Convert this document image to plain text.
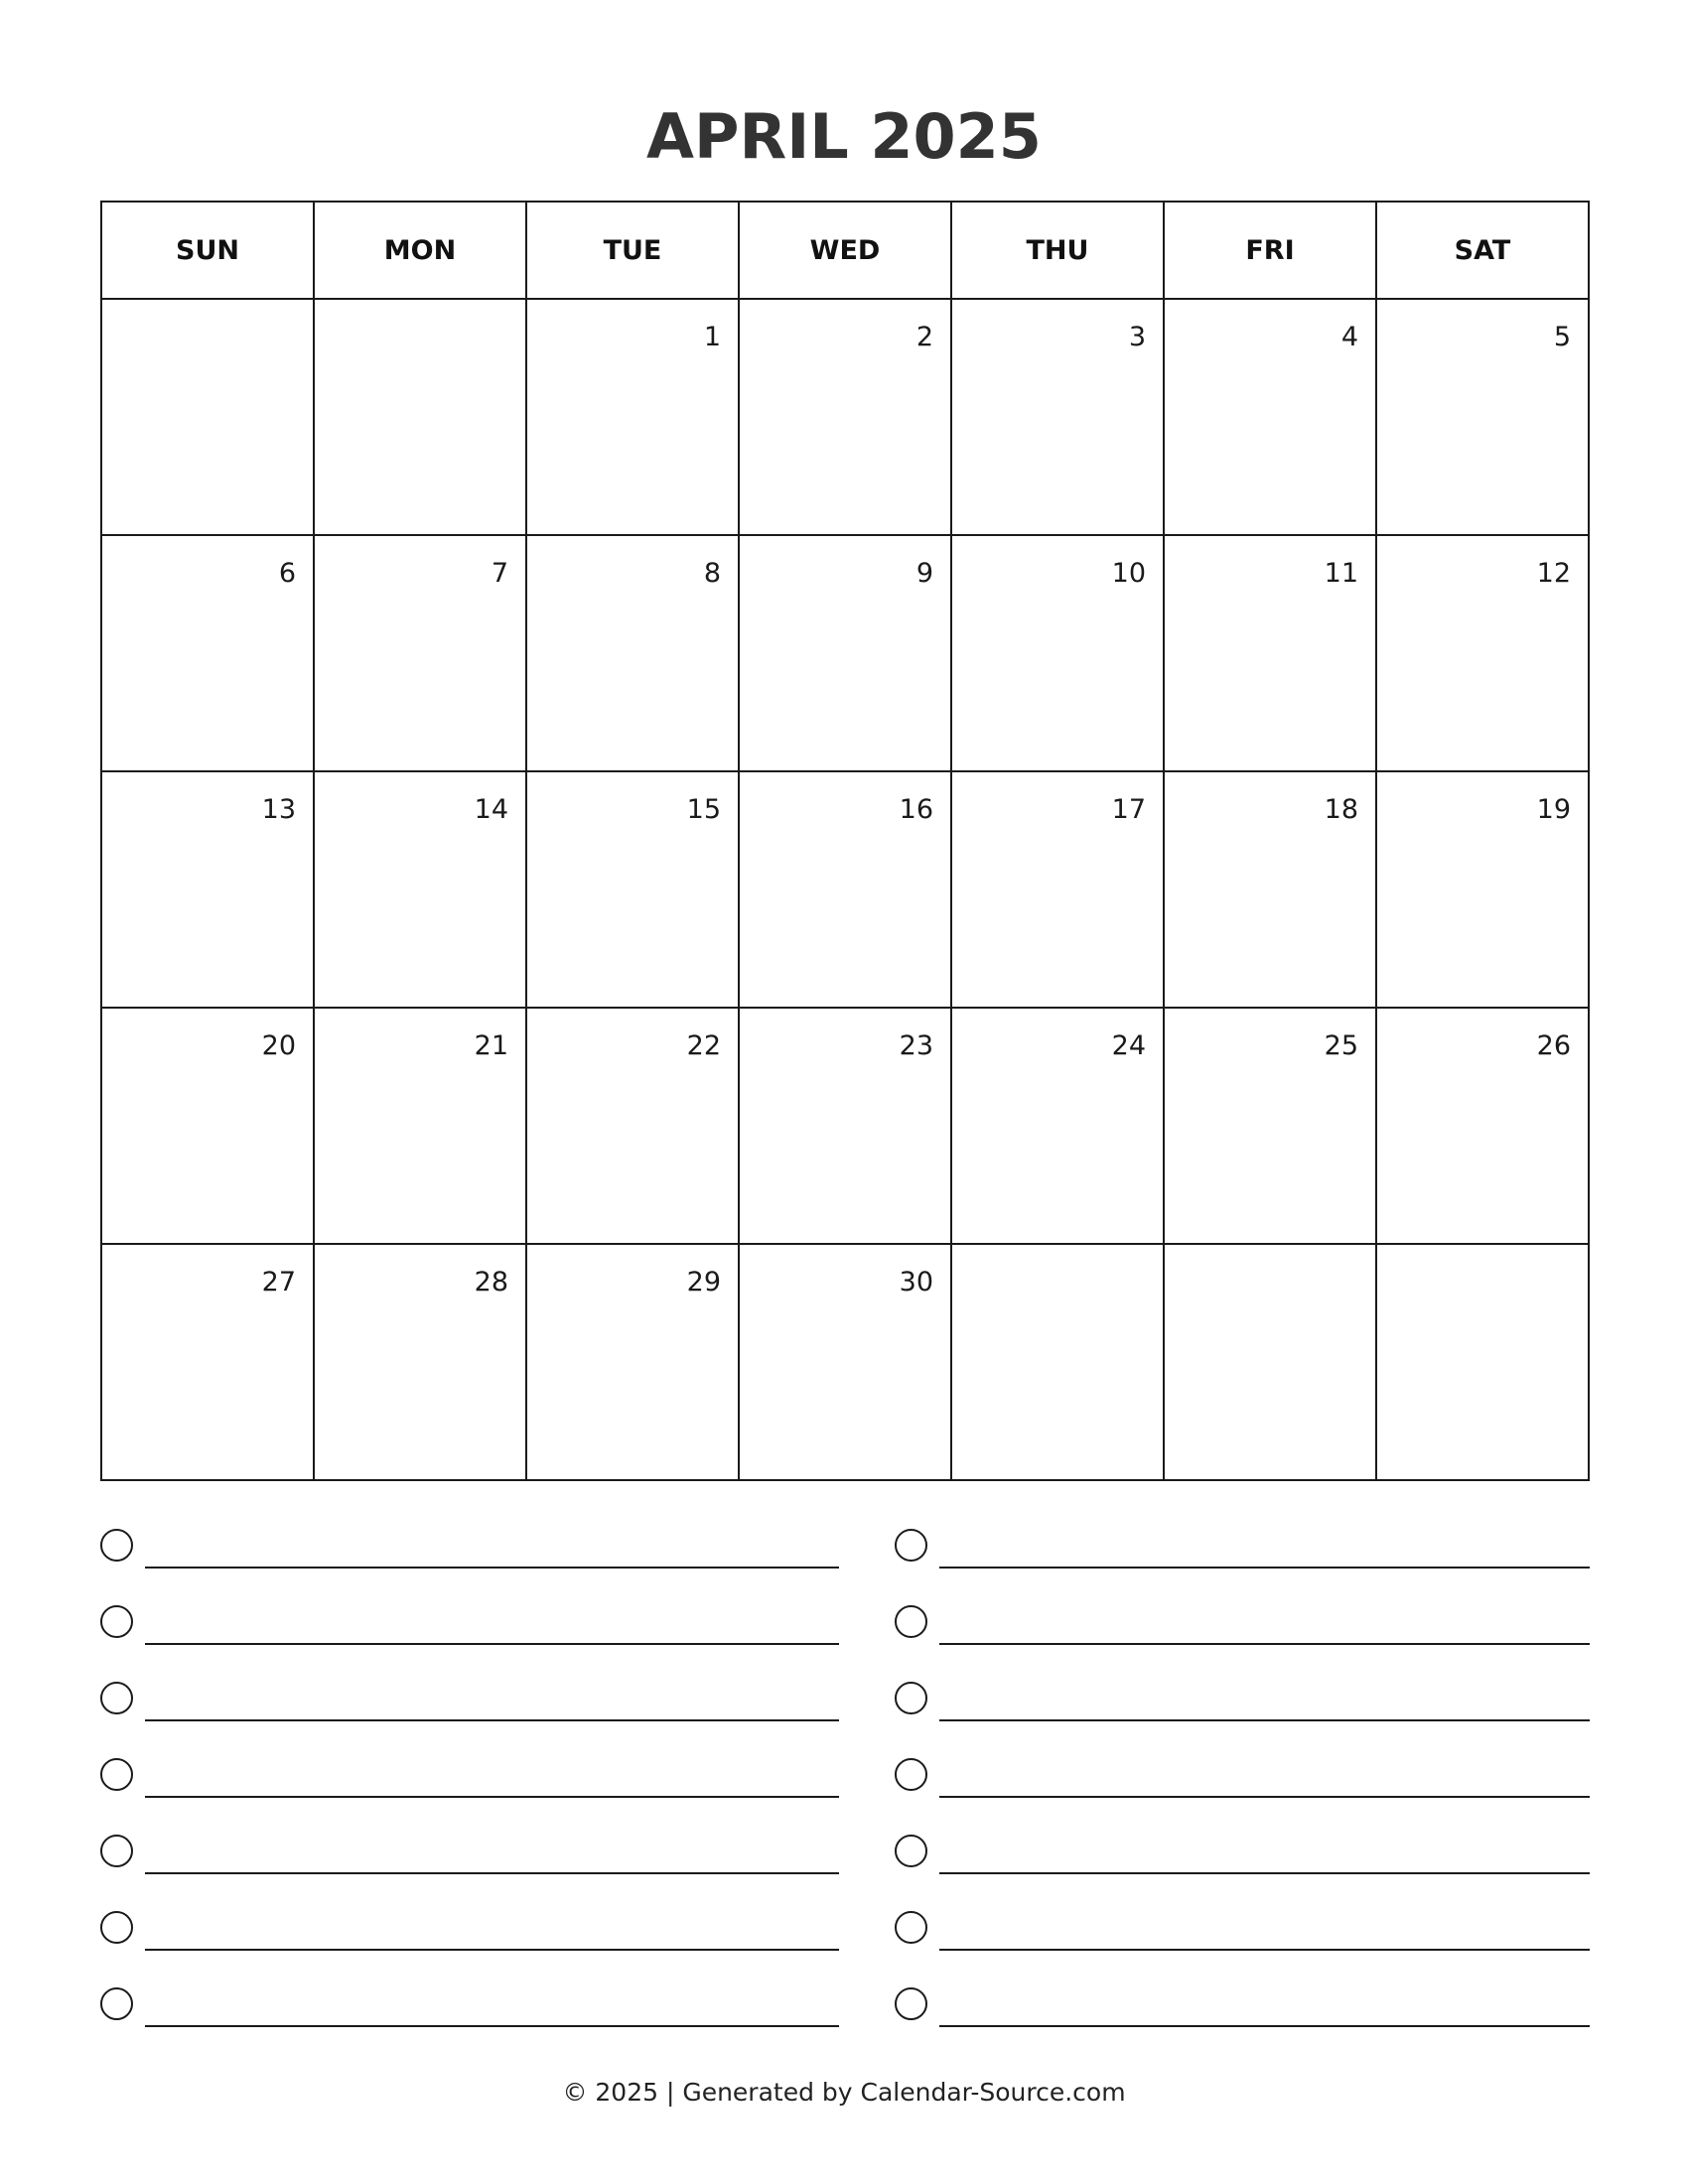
APRIL 2025
SUN	MON	TUE	WED	THU	FRI	SAT

		1	2	3	4	5

6	7	8	9	10	11	12

13	14	15	16	17	18	19

20	21	22	23	24	25	26

27	28	29	30			

© 2025 | Generated by Calendar-Source.com
